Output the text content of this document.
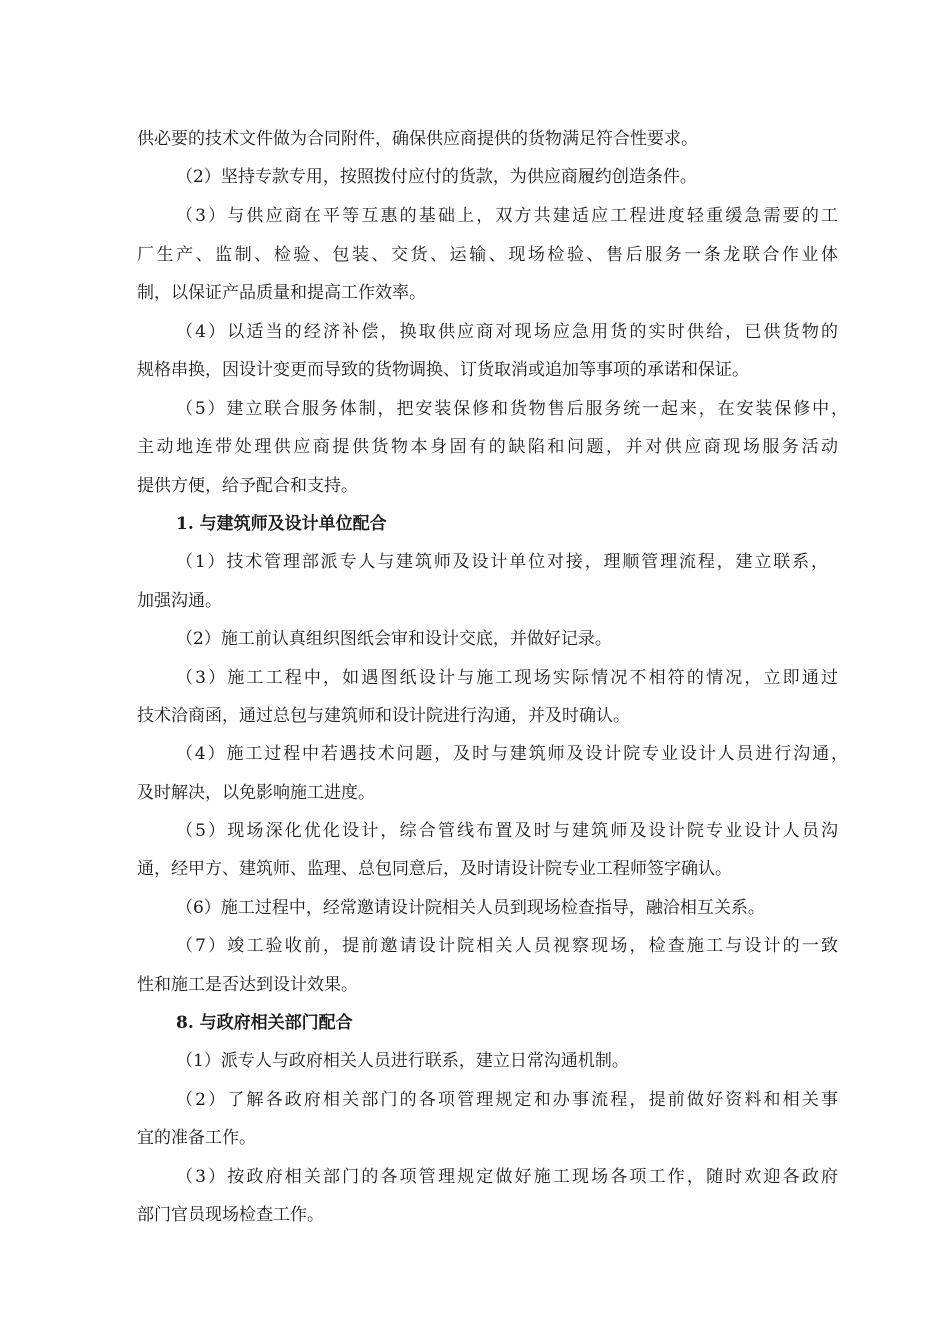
供必要的技术文件做为合同附件，确保供应商提供的货物满足符合性要求。
（2）坚持专款专用，按照拨付应付的货款，为供应商履约创造条件。
（3）与供应商在平等互惠的基础上，双方共建适应工程进度轻重缓急需要的工
厂生产、监制、检验、包装、交货、运输、现场检验、售后服务一条龙联合作业体
制，以保证产品质量和提高工作效率。
（4）以适当的经济补偿，换取供应商对现场应急用货的实时供给，已供货物的
规格串换，因设计变更而导致的货物调换、订货取消或追加等事项的承诺和保证。
（5）建立联合服务体制，把安装保修和货物售后服务统一起来，在安装保修中，
主动地连带处理供应商提供货物本身固有的缺陷和问题，并对供应商现场服务活动
提供方便，给予配合和支持。
1. 与建筑师及设计单位配合
（1）技术管理部派专人与建筑师及设计单位对接，理顺管理流程，建立联系，
加强沟通。
（2）施工前认真组织图纸会审和设计交底，并做好记录。
（3）施工工程中，如遇图纸设计与施工现场实际情况不相符的情况，立即通过
技术洽商函，通过总包与建筑师和设计院进行沟通，并及时确认。
（4）施工过程中若遇技术问题，及时与建筑师及设计院专业设计人员进行沟通，
及时解决，以免影响施工进度。
（5）现场深化优化设计，综合管线布置及时与建筑师及设计院专业设计人员沟
通，经甲方、建筑师、监理、总包同意后，及时请设计院专业工程师签字确认。
（6）施工过程中，经常邀请设计院相关人员到现场检查指导，融洽相互关系。
（7）竣工验收前，提前邀请设计院相关人员视察现场，检查施工与设计的一致
性和施工是否达到设计效果。
8. 与政府相关部门配合
（1）派专人与政府相关人员进行联系，建立日常沟通机制。
（2）了解各政府相关部门的各项管理规定和办事流程，提前做好资料和相关事
宜的准备工作。
（3）按政府相关部门的各项管理规定做好施工现场各项工作，随时欢迎各政府
部门官员现场检查工作。
